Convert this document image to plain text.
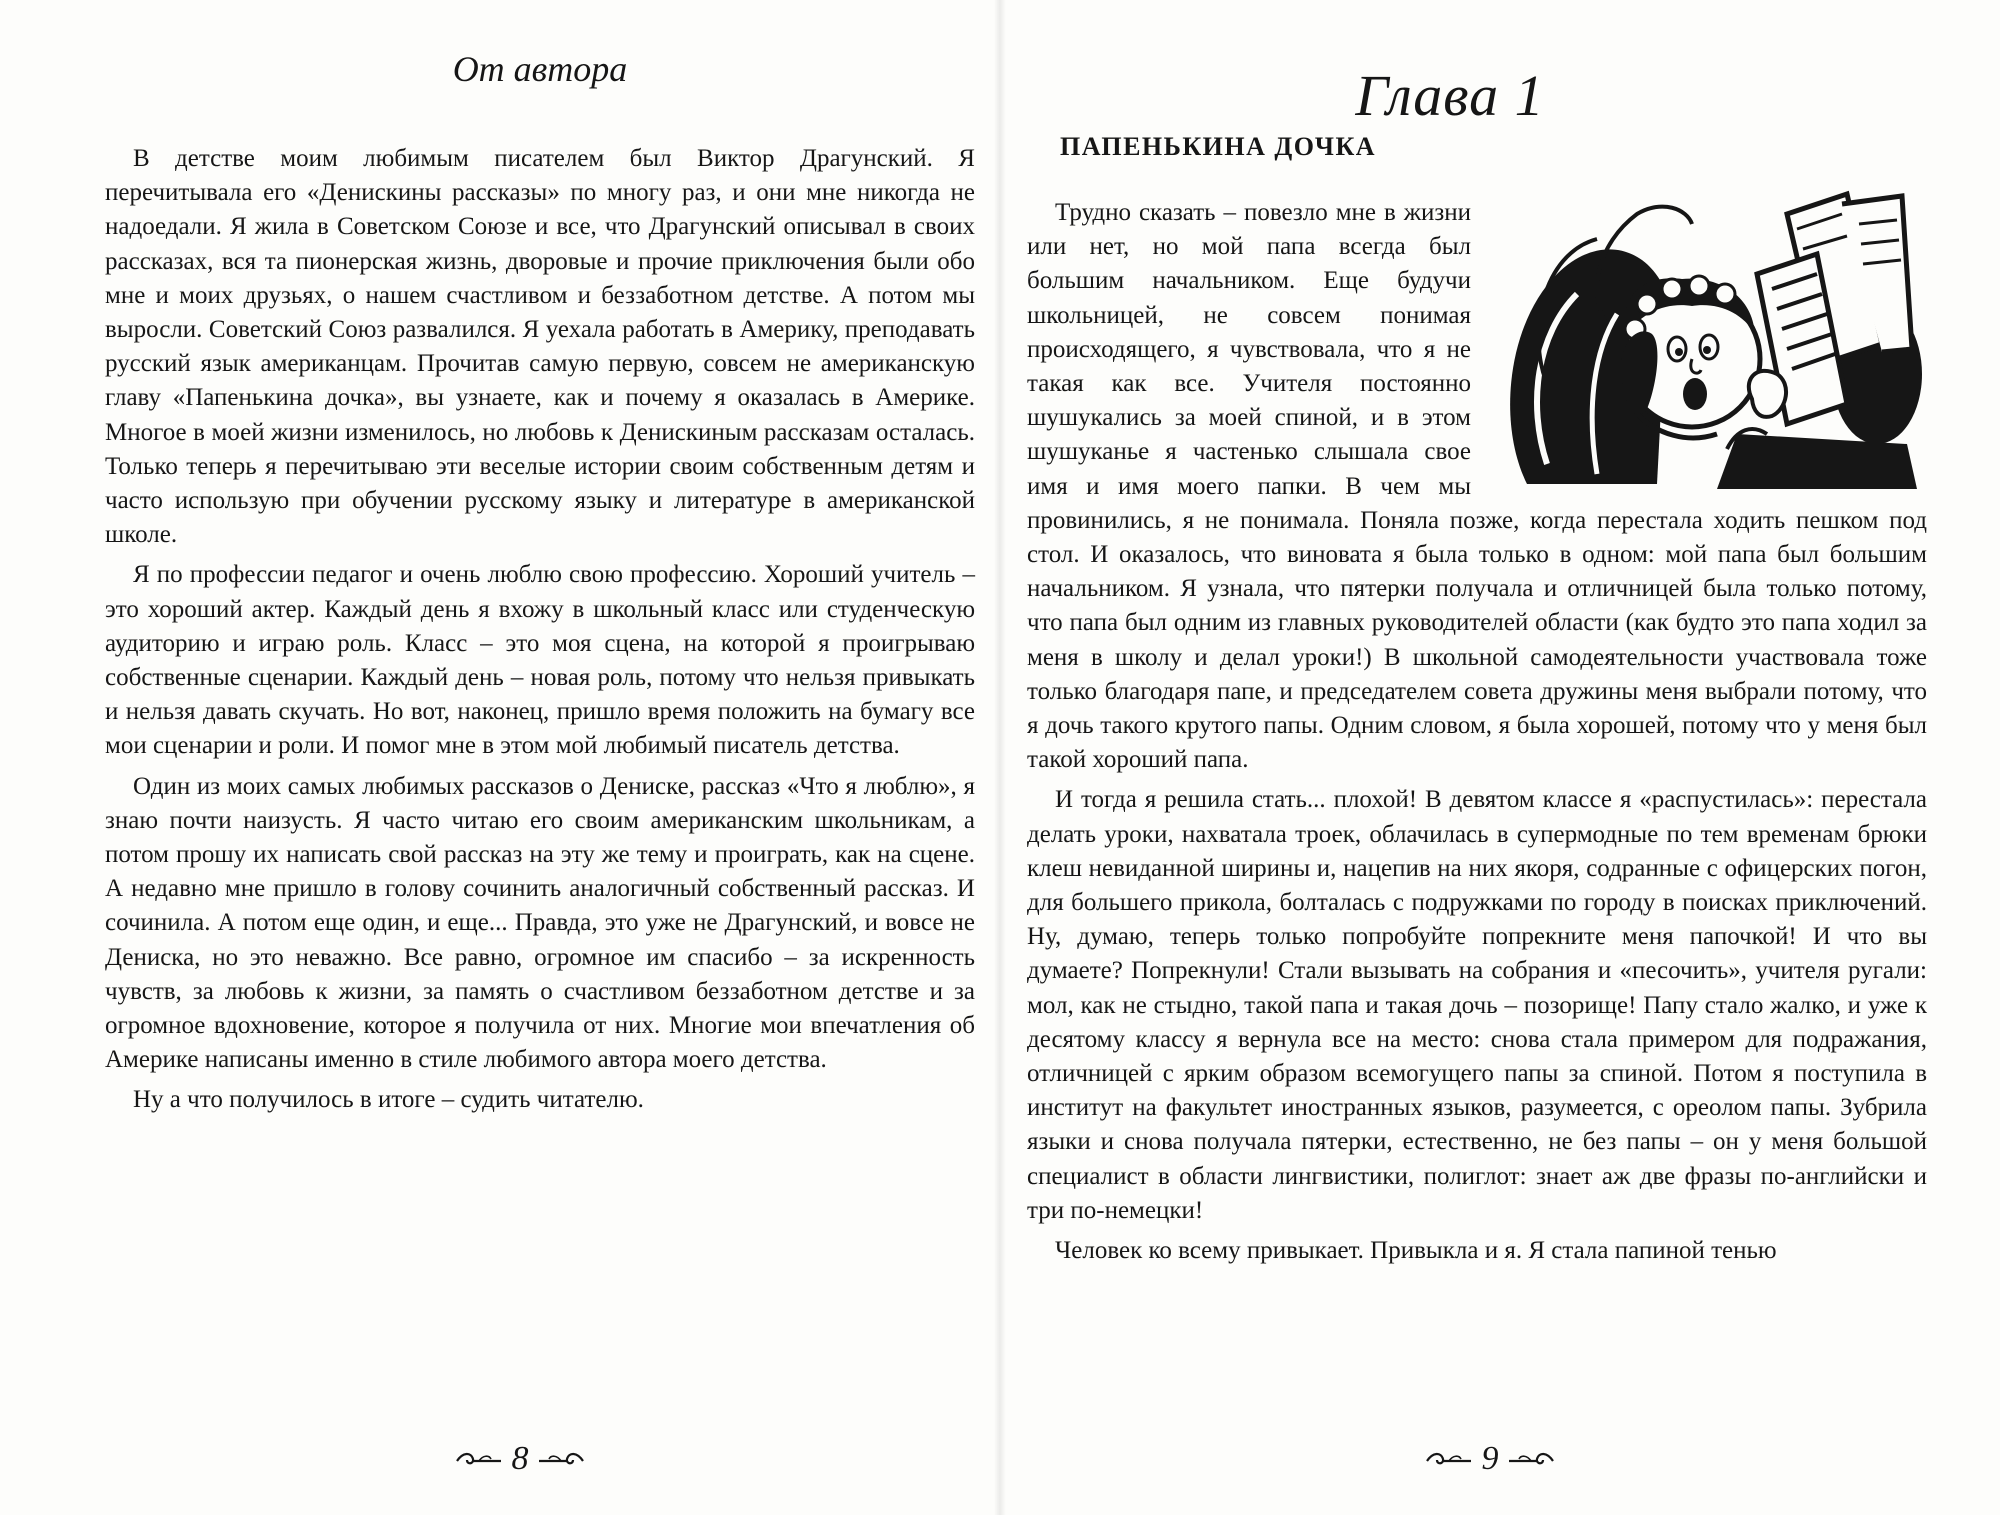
От автора

В детстве моим любимым писателем был Виктор Драгунский. Я перечитывала его «Денискины рассказы» по многу раз, и они мне никогда не надоедали. Я жила в Советском Союзе и все, что Драгунский описывал в своих рассказах, вся та пионерская жизнь, дворовые и прочие приключения были обо мне и моих друзьях, о нашем счастливом и беззаботном детстве. А потом мы выросли. Советский Союз развалился. Я уехала работать в Америку, преподавать русский язык американцам. Прочитав самую первую, совсем не американскую главу «Папенькина дочка», вы узнаете, как и почему я оказалась в Америке. Многое в моей жизни изменилось, но любовь к Денискиным рассказам осталась. Только теперь я перечитываю эти веселые истории своим собственным детям и часто использую при обучении русскому языку и литературе в американской школе.

Я по профессии педагог и очень люблю свою профессию. Хороший учитель – это хороший актер. Каждый день я вхожу в школьный класс или студенческую аудиторию и играю роль. Класс – это моя сцена, на которой я проигрываю собственные сценарии. Каждый день – новая роль, потому что нельзя привыкать и нельзя давать скучать. Но вот, наконец, пришло время положить на бумагу все мои сценарии и роли. И помог мне в этом мой любимый писатель детства.

Один из моих самых любимых рассказов о Дениске, рассказ «Что я люблю», я знаю почти наизусть. Я часто читаю его своим американским школьникам, а потом прошу их написать свой рассказ на эту же тему и проиграть, как на сцене. А недавно мне пришло в голову сочинить аналогичный собственный рассказ. И сочинила. А потом еще один, и еще... Правда, это уже не Драгунский, и вовсе не Дениска, но это неважно. Все равно, огромное им спасибо – за искренность чувств, за любовь к жизни, за память о счастливом беззаботном детстве и за огромное вдохновение, которое я получила от них. Многие мои впечатления об Америке написаны именно в стиле любимого автора моего детства.

Ну а что получилось в итоге – судить читателю.

8
Глава 1
ПАПЕНЬКИНА ДОЧКА

Трудно сказать – повезло мне в жизни или нет, но мой папа всегда был большим начальником. Еще будучи школьницей, не совсем понимая происходящего, я чувствовала, что я не такая как все. Учителя постоянно шушукались за моей спиной, и в этом шушуканье я частенько слышала свое имя и имя моего папки. В чем мы провинились, я не понимала. Поняла позже, когда перестала ходить пешком под стол. И оказалось, что виновата я была только в одном: мой папа был большим начальником. Я узнала, что пятерки получала и отличницей была только потому, что папа был одним из главных руководителей области (как будто это папа ходил за меня в школу и делал уроки!) В школьной самодеятельности участвовала тоже только благодаря папе, и председателем совета дружины меня выбрали потому, что я дочь такого крутого папы. Одним словом, я была хорошей, потому что у меня был такой хороший папа.

И тогда я решила стать... плохой! В девятом классе я «распустилась»: перестала делать уроки, нахватала троек, облачилась в супермодные по тем временам брюки клеш невиданной ширины и, нацепив на них якоря, содранные с офицерских погон, для большего прикола, болталась с подружками по городу в поисках приключений. Ну, думаю, теперь только попробуйте попрекните меня папочкой! И что вы думаете? Попрекнули! Стали вызывать на собрания и «песочить», учителя ругали: мол, как не стыдно, такой папа и такая дочь – позорище! Папу стало жалко, и уже к десятому классу я вернула все на место: снова стала примером для подражания, отличницей с ярким образом всемогущего папы за спиной. Потом я поступила в институт на факультет иностранных языков, разумеется, с ореолом папы. Зубрила языки и снова получала пятерки, естественно, не без папы – он у меня большой специалист в области лингвистики, полиглот: знает аж две фразы по-английски и три по-немецки!

Человек ко всему привыкает. Привыкла и я. Я стала папиной тенью

9
